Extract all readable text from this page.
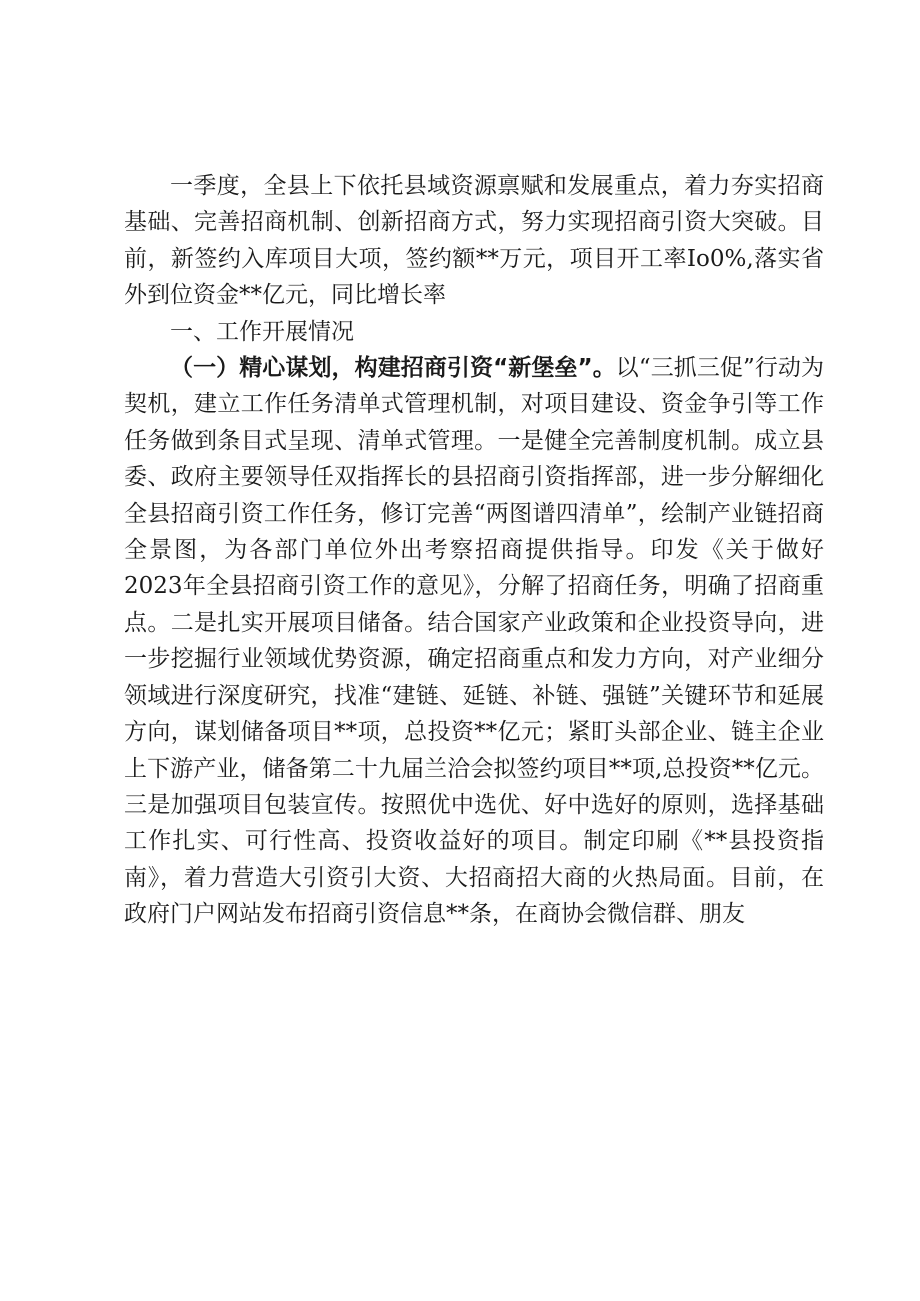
一季度，全县上下依托县域资源禀赋和发展重点，着力夯实招商基础、完善招商机制、创新招商方式，努力实现招商引资大突破。目前，新签约入库项目大项，签约额**万元，项目开工率Io0%,落实省外到位资金**亿元，同比增长率

一、工作开展情况

（一）精心谋划，构建招商引资“新堡垒”。以“三抓三促”行动为契机，建立工作任务清单式管理机制，对项目建设、资金争引等工作任务做到条目式呈现、清单式管理。一是健全完善制度机制。成立县委、政府主要领导任双指挥长的县招商引资指挥部，进一步分解细化全县招商引资工作任务，修订完善“两图谱四清单”，绘制产业链招商全景图，为各部门单位外出考察招商提供指导。印发《关于做好2023年全县招商引资工作的意见》，分解了招商任务，明确了招商重点。二是扎实开展项目储备。结合国家产业政策和企业投资导向，进一步挖掘行业领域优势资源，确定招商重点和发力方向，对产业细分领域进行深度研究，找准“建链、延链、补链、强链”关键环节和延展方向，谋划储备项目**项，总投资**亿元；紧盯头部企业、链主企业上下游产业，储备第二十九届兰洽会拟签约项目**项,总投资**亿元。三是加强项目包装宣传。按照优中选优、好中选好的原则，选择基础工作扎实、可行性高、投资收益好的项目。制定印刷《**县投资指南》，着力营造大引资引大资、大招商招大商的火热局面。目前，在政府门户网站发布招商引资信息**条，在商协会微信群、朋友
